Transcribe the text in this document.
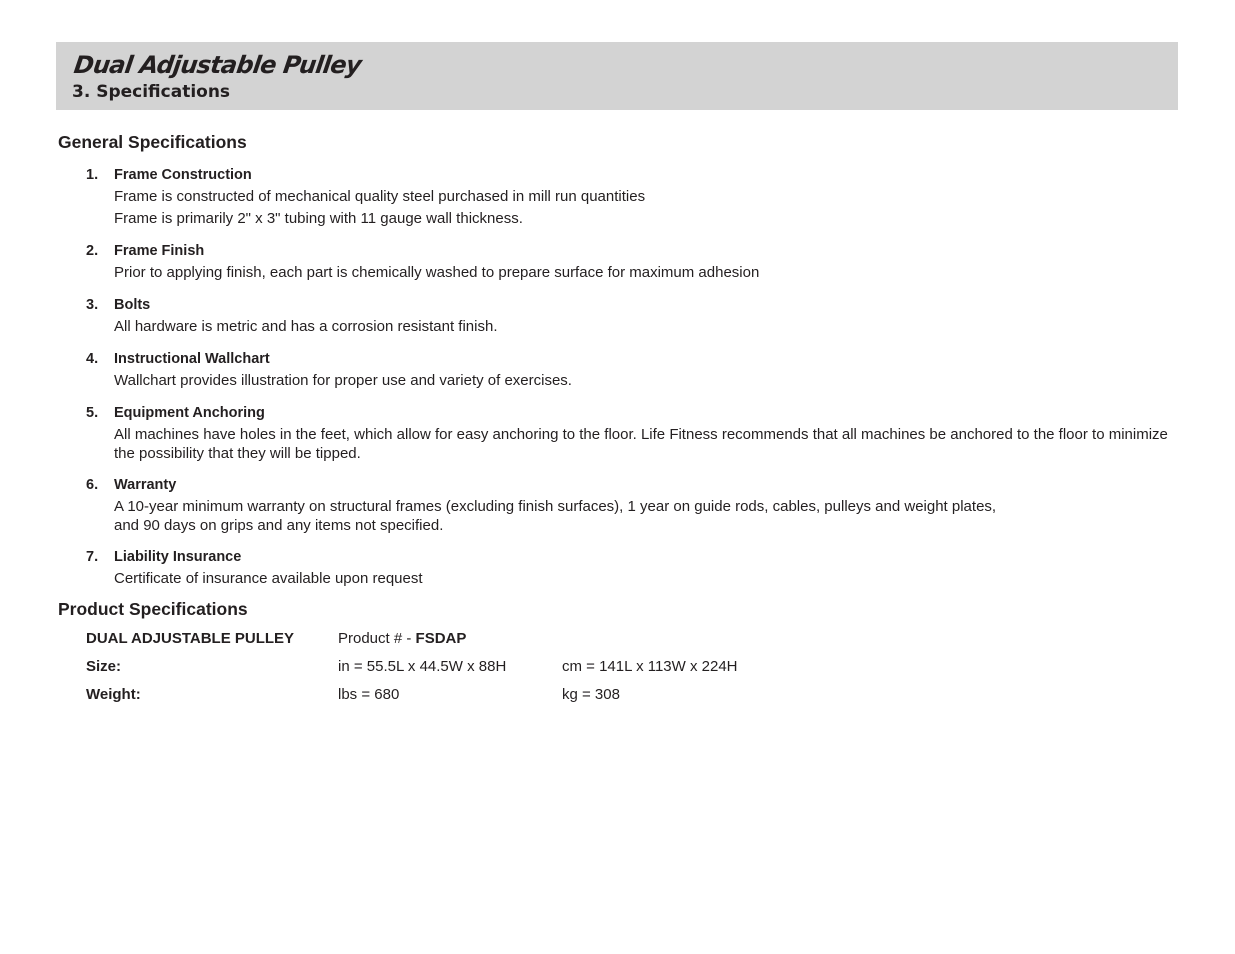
Dual Adjustable Pulley
3. Specifications
General Specifications
1. Frame Construction
Frame is constructed of mechanical quality steel purchased in mill run quantities
Frame is primarily 2" x 3" tubing with 11 gauge wall thickness.
2. Frame Finish
Prior to applying finish, each part is chemically washed to prepare surface for maximum adhesion
3. Bolts
All hardware is metric and has a corrosion resistant finish.
4. Instructional Wallchart
Wallchart provides illustration for proper use and variety of exercises.
5. Equipment Anchoring
All machines have holes in the feet, which allow for easy anchoring to the floor. Life Fitness recommends that all machines be anchored to the floor to minimize the possibility that they will be tipped.
6. Warranty
A 10-year minimum warranty on structural frames (excluding finish surfaces), 1 year on guide rods, cables, pulleys and weight plates,
and 90 days on grips and any items not specified.
7. Liability Insurance
Certificate of insurance available upon request
Product Specifications
DUAL ADJUSTABLE PULLEY	Product # - FSDAP
Size:	in = 55.5L x 44.5W x 88H	cm = 141L x 113W x 224H
Weight:	lbs = 680	kg = 308
